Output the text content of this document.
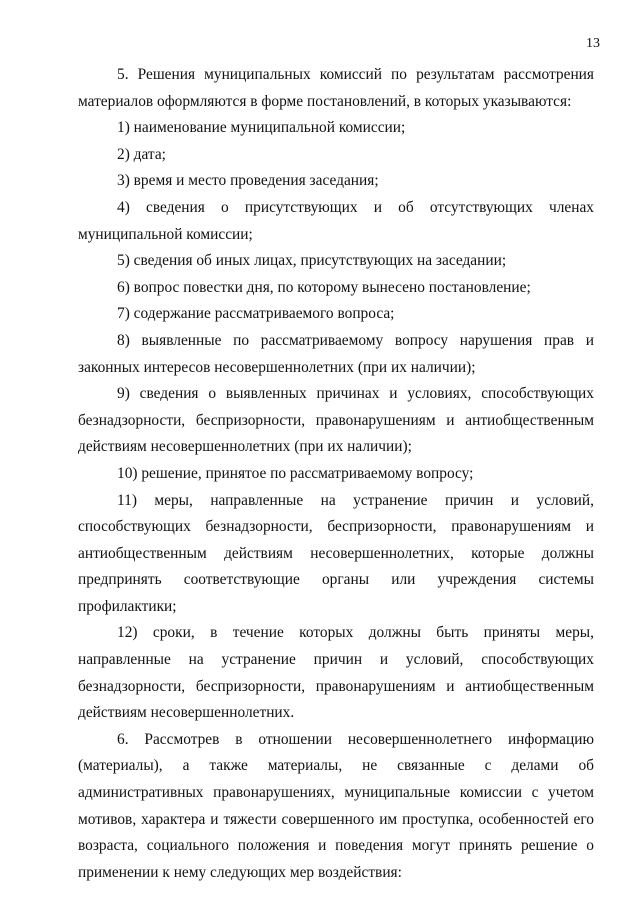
13

5. Решения муниципальных комиссий по результатам рассмотрения материалов оформляются в форме постановлений, в которых указываются:

1) наименование муниципальной комиссии;

2) дата;

3) время и место проведения заседания;

4) сведения о присутствующих и об отсутствующих членах муниципальной комиссии;

5) сведения об иных лицах, присутствующих на заседании;

6) вопрос повестки дня, по которому вынесено постановление;

7) содержание рассматриваемого вопроса;

8) выявленные по рассматриваемому вопросу нарушения прав и законных интересов несовершеннолетних (при их наличии);

9) сведения о выявленных причинах и условиях, способствующих безнадзорности, беспризорности, правонарушениям и антиобщественным действиям несовершеннолетних (при их наличии);

10) решение, принятое по рассматриваемому вопросу;

11) меры, направленные на устранение причин и условий, способствующих безнадзорности, беспризорности, правонарушениям и антиобщественным действиям несовершеннолетних, которые должны предпринять соответствующие органы или учреждения системы профилактики;

12) сроки, в течение которых должны быть приняты меры, направленные на устранение причин и условий, способствующих безнадзорности, беспризорности, правонарушениям и антиобщественным действиям несовершеннолетних.

6. Рассмотрев в отношении несовершеннолетнего информацию (материалы), а также материалы, не связанные с делами об административных правонарушениях, муниципальные комиссии с учетом мотивов, характера и тяжести совершенного им проступка, особенностей его возраста, социального положения и поведения могут принять решение о применении к нему следующих мер воздействия:
